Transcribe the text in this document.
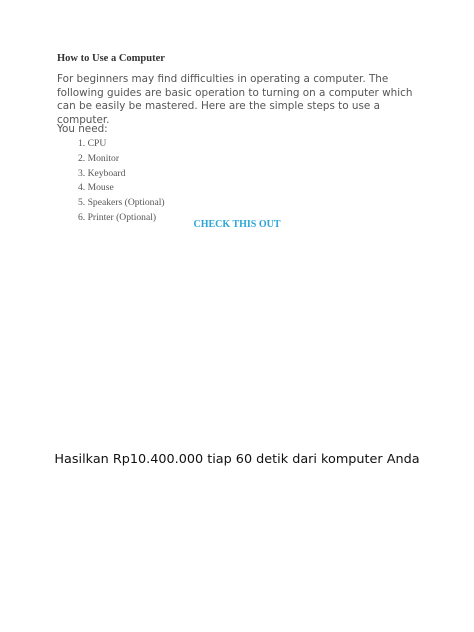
How to Use a Computer

For beginners may find difficulties in operating a computer. The following guides are basic operation to turning on a computer which can be easily be mastered. Here are the simple steps to use a computer.

You need:
1. CPU
2. Monitor
3. Keyboard
4. Mouse
5. Speakers (Optional)
6. Printer (Optional)
CHECK THIS OUT
Hasilkan Rp10.400.000 tiap 60 detik dari komputer Anda
